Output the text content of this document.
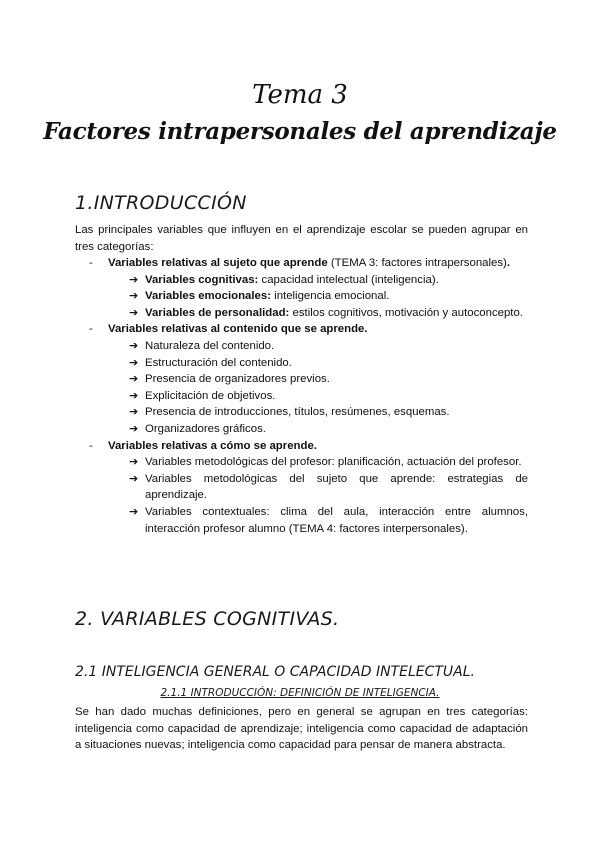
Tema 3
Factores intrapersonales del aprendizaje
1.INTRODUCCIÓN
Las principales variables que influyen en el aprendizaje escolar se pueden agrupar en tres categorías:
- Variables relativas al sujeto que aprende (TEMA 3: factores intrapersonales).
➔ Variables cognitivas: capacidad intelectual (inteligencia).
➔ Variables emocionales: inteligencia emocional.
➔ Variables de personalidad: estilos cognitivos, motivación y autoconcepto.
- Variables relativas al contenido que se aprende.
➔ Naturaleza del contenido.
➔ Estructuración del contenido.
➔ Presencia de organizadores previos.
➔ Explicitación de objetivos.
➔ Presencia de introducciones, títulos, resúmenes, esquemas.
➔ Organizadores gráficos.
- Variables relativas a cómo se aprende.
➔ Variables metodológicas del profesor: planificación, actuación del profesor.
➔ Variables metodológicas del sujeto que aprende: estrategias de aprendizaje.
➔ Variables contextuales: clima del aula, interacción entre alumnos, interacción profesor alumno (TEMA 4: factores interpersonales).
2. VARIABLES COGNITIVAS.
2.1 INTELIGENCIA GENERAL O CAPACIDAD INTELECTUAL.
2.1.1 INTRODUCCIÓN: DEFINICIÓN DE INTELIGENCIA.
Se han dado muchas definiciones, pero en general se agrupan en tres categorías: inteligencia como capacidad de aprendizaje; inteligencia como capacidad de adaptación a situaciones nuevas; inteligencia como capacidad para pensar de manera abstracta.
